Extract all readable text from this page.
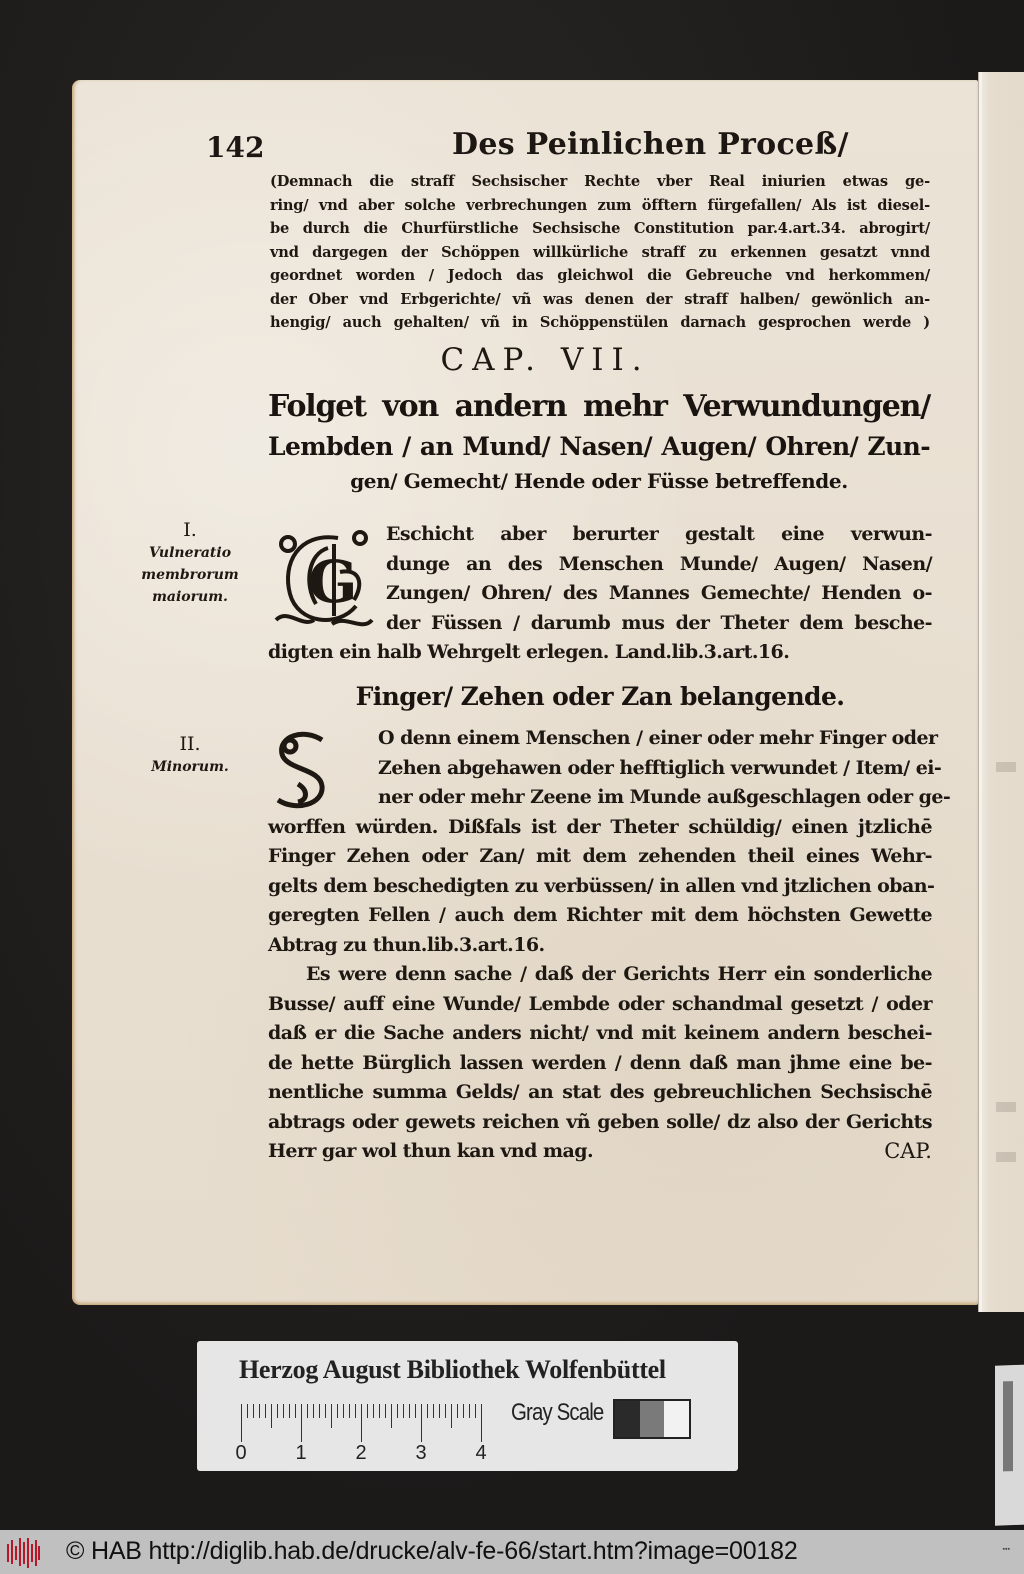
142	Des Peinlichen Proceß/
(Demnach die straff Sechsischer Rechte vber Real iniurien etwas ge-
ring/ vnd aber solche verbrechungen zum öfftern fürgefallen/ Als ist diesel-
be durch die Churfürstliche Sechsische Constitution par.4.art.34. abrogirt/
vnd dargegen der Schöppen willkürliche straff zu erkennen gesatzt vnnd
geordnet worden / Jedoch das gleichwol die Gebreuche vnd herkommen/
der Ober vnd Erbgerichte/ vñ was denen der straff halben/ gewönlich an-
hengig/ auch gehalten/ vñ in Schöppenstülen darnach gesprochen werde )
CAP. VII.
Folget von andern mehr Verwundungen/
Lembden / an Mund/ Nasen/ Augen/ Ohren/ Zun-
gen/ Gemecht/ Hende oder Füsse betreffende.
I.
Vulneratio
membrorum
maiorum.	G
Eschicht aber berurter gestalt eine verwun-
dunge an des Menschen Munde/ Augen/ Nasen/
Zungen/ Ohren/ des Mannes Gemechte/ Henden o-
der Füssen / darumb mus der Theter dem besche-
digten ein halb Wehrgelt erlegen. Land.lib.3.art.16.
Finger/ Zehen oder Zan belangende.
II.
Minorum.
O denn einem Menschen / einer oder mehr Finger oder
Zehen abgehawen oder hefftiglich verwundet / Item/ ei-
ner oder mehr Zeene im Munde außgeschlagen oder ge-
worffen würden. Dißfals ist der Theter schüldig/ einen jtzlichē
Finger Zehen oder Zan/ mit dem zehenden theil eines Wehr-
gelts dem beschedigten zu verbüssen/ in allen vnd jtzlichen oban-
geregten Fellen / auch dem Richter mit dem höchsten Gewette
Abtrag zu thun.lib.3.art.16.
Es were denn sache / daß der Gerichts Herr ein sonderliche
Busse/ auff eine Wunde/ Lembde oder schandmal gesetzt / oder
daß er die Sache anders nicht/ vnd mit keinem andern beschei-
de hette Bürglich lassen werden / denn daß man jhme eine be-
nentliche summa Gelds/ an stat des gebreuchlichen Sechsischē
abtrags oder gewets reichen vñ geben solle/ dz also der Gerichts
Herr gar wol thun kan vnd mag.	CAP.
Herzog August Bibliothek Wolfenbüttel
0 1 2 3 4
Gray Scale
© HAB http://diglib.hab.de/drucke/alv-fe-66/start.htm?image=00182	▪▪▪
